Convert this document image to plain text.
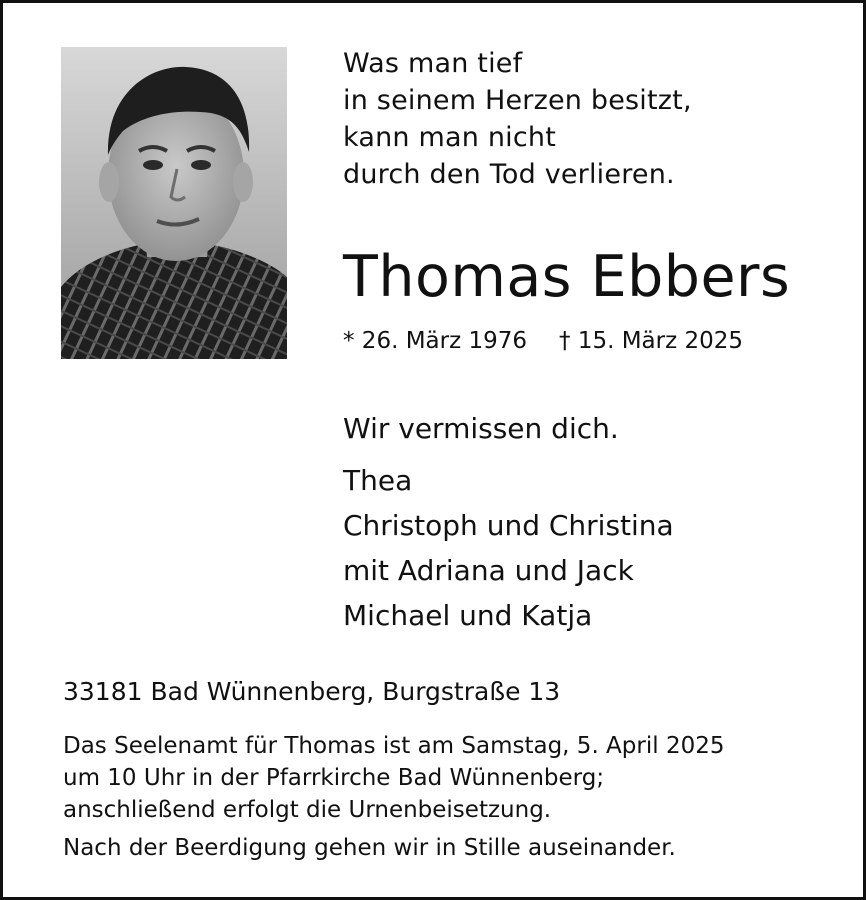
Was man tief
in seinem Herzen besitzt,
kann man nicht
durch den Tod verlieren.
Thomas Ebbers
* 26. März 1976 † 15. März 2025
Wir vermissen dich.
Thea
Christoph und Christina
mit Adriana und Jack
Michael und Katja
33181 Bad Wünnenberg, Burgstraße 13
Das Seelenamt für Thomas ist am Samstag, 5. April 2025
um 10 Uhr in der Pfarrkirche Bad Wünnenberg;
anschließend erfolgt die Urnenbeisetzung.
Nach der Beerdigung gehen wir in Stille auseinander.
